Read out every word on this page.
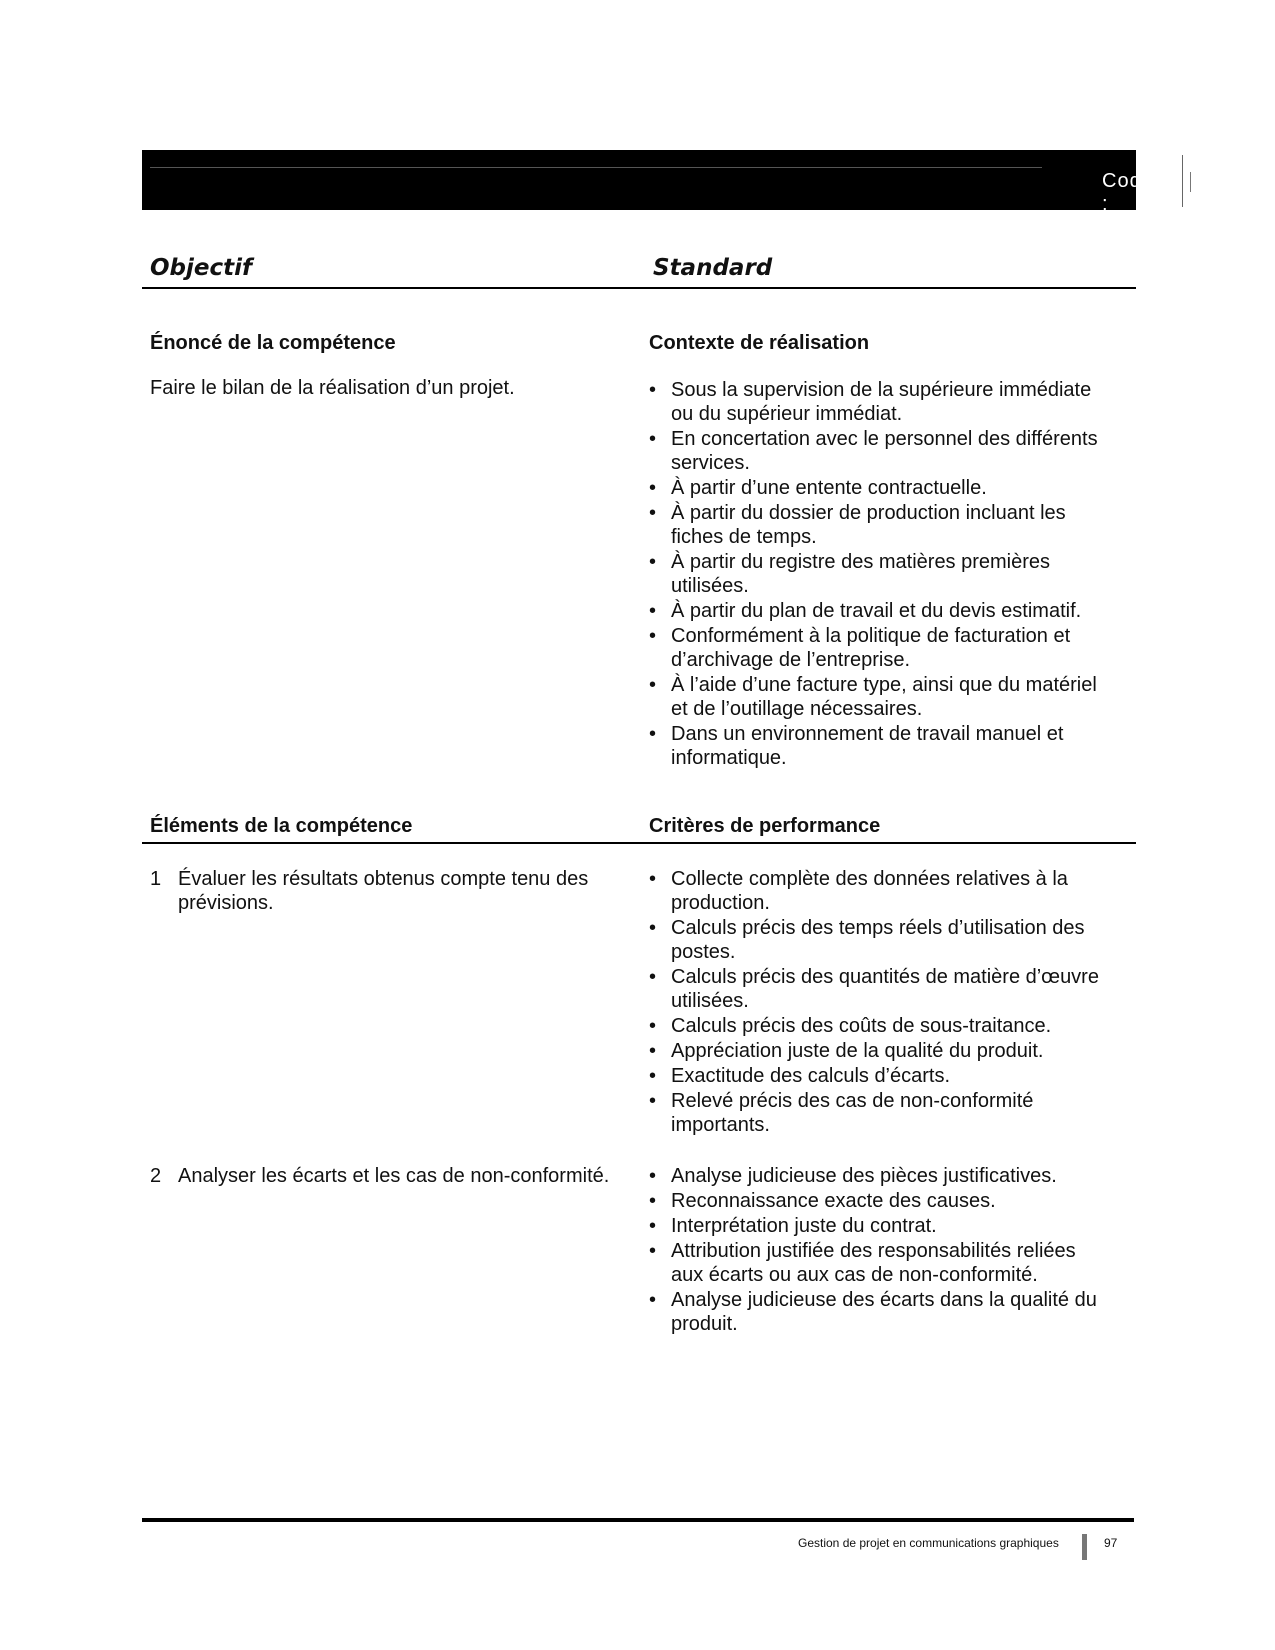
Code :
041N
Objectif	Standard
Énoncé de la compétence
Faire le bilan de la réalisation d’un projet.
Contexte de réalisation
• Sous la supervision de la supérieure immédiate ou du supérieur immédiat.
• En concertation avec le personnel des différents services.
• À partir d’une entente contractuelle.
• À partir du dossier de production incluant les fiches de temps.
• À partir du registre des matières premières utilisées.
• À partir du plan de travail et du devis estimatif.
• Conformément à la politique de facturation et d’archivage de l’entreprise.
• À l’aide d’une facture type, ainsi que du matériel et de l’outillage nécessaires.
• Dans un environnement de travail manuel et informatique.
Éléments de la compétence	Critères de performance
1 Évaluer les résultats obtenus compte tenu des prévisions.
• Collecte complète des données relatives à la production.
• Calculs précis des temps réels d’utilisation des postes.
• Calculs précis des quantités de matière d’œuvre utilisées.
• Calculs précis des coûts de sous-traitance.
• Appréciation juste de la qualité du produit.
• Exactitude des calculs d’écarts.
• Relevé précis des cas de non-conformité importants.
2 Analyser les écarts et les cas de non-conformité.
•	Analyse judicieuse des pièces justificatives.
• Reconnaissance exacte des causes.
• Interprétation juste du contrat.
• Attribution justifiée des responsabilités reliées aux écarts ou aux cas de non-conformité.
• Analyse judicieuse des écarts dans la qualité du produit.
Gestion de projet en communications graphiques	97
